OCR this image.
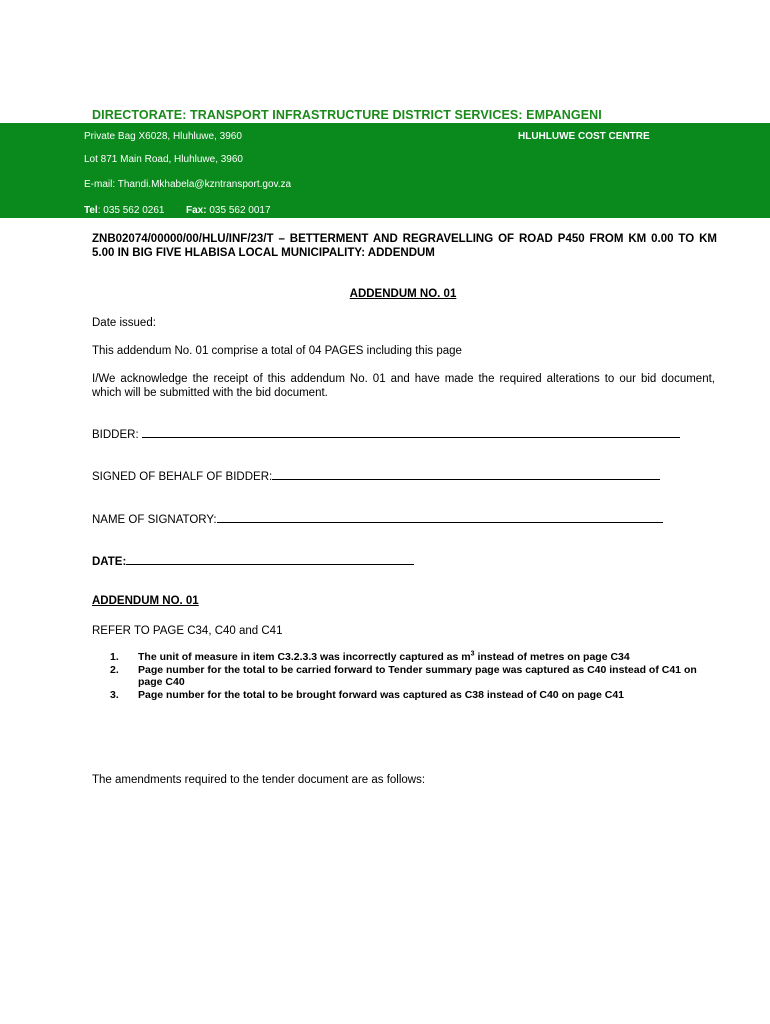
DIRECTORATE: TRANSPORT INFRASTRUCTURE DISTRICT SERVICES: EMPANGENI
Private Bag X6028, Hluhluwe, 3960	HLUHLUWE COST CENTRE
Lot 871 Main Road, Hluhluwe, 3960
E-mail: Thandi.Mkhabela@kzntransport.gov.za
Tel: 035 562 0261 Fax: 035 562 0017
ZNB02074/00000/00/HLU/INF/23/T – BETTERMENT AND REGRAVELLING OF ROAD P450 FROM KM 0.00 TO KM 5.00 IN BIG FIVE HLABISA LOCAL MUNICIPALITY: ADDENDUM
ADDENDUM NO. 01
Date issued:
This addendum No. 01 comprise a total of 04 PAGES including this page
I/We acknowledge the receipt of this addendum No. 01 and have made the required alterations to our bid document, which will be submitted with the bid document.
BIDDER:
SIGNED OF BEHALF OF BIDDER:
NAME OF SIGNATORY:
DATE:
ADDENDUM NO. 01
REFER TO PAGE C34, C40 and C41
1.	The unit of measure in item C3.2.3.3 was incorrectly captured as $m^3$ instead of metres on page C34
2.	Page number for the total to be carried forward to Tender summary page was captured as C40 instead of C41 on page C40
3.	Page number for the total to be brought forward was captured as C38 instead of C40 on page C41
The amendments required to the tender document are as follows:
